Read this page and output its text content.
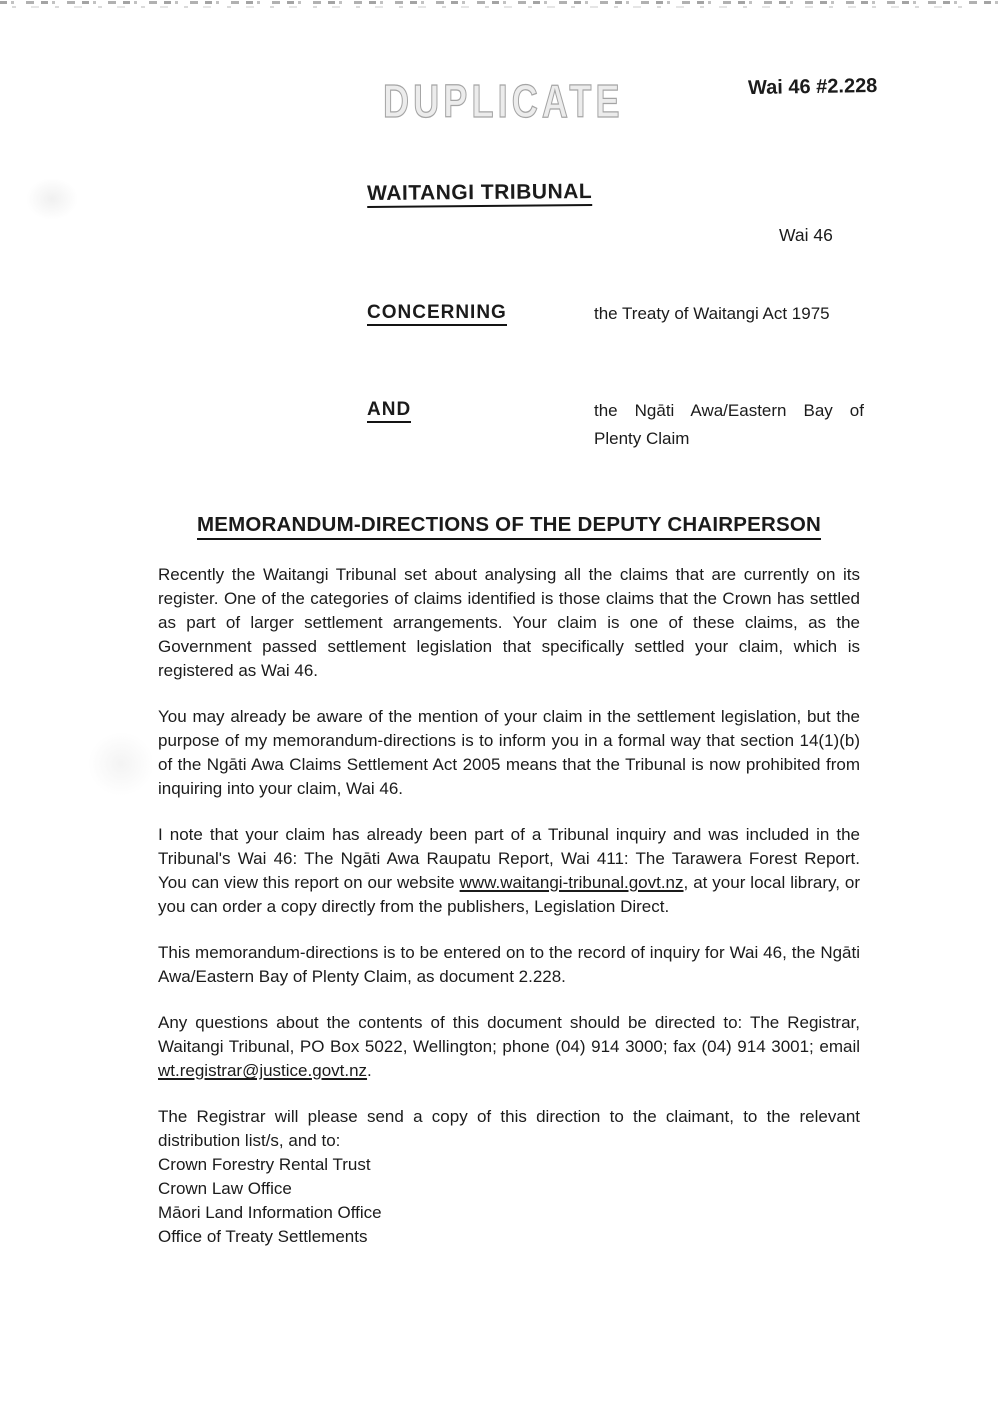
DUPLICATE	Wai 46 #2.228
WAITANGI TRIBUNAL
Wai 46
CONCERNING	the Treaty of Waitangi Act 1975
AND	the Ngāti Awa/Eastern Bay of Plenty Claim
MEMORANDUM-DIRECTIONS OF THE DEPUTY CHAIRPERSON

Recently the Waitangi Tribunal set about analysing all the claims that are currently on its register. One of the categories of claims identified is those claims that the Crown has settled as part of larger settlement arrangements. Your claim is one of these claims, as the Government passed settlement legislation that specifically settled your claim, which is registered as Wai 46.

You may already be aware of the mention of your claim in the settlement legislation, but the purpose of my memorandum-directions is to inform you in a formal way that section 14(1)(b) of the Ngāti Awa Claims Settlement Act 2005 means that the Tribunal is now prohibited from inquiring into your claim, Wai 46.

I note that your claim has already been part of a Tribunal inquiry and was included in the Tribunal's Wai 46: The Ngāti Awa Raupatu Report, Wai 411: The Tarawera Forest Report. You can view this report on our website www.waitangi-tribunal.govt.nz, at your local library, or you can order a copy directly from the publishers, Legislation Direct.

This memorandum-directions is to be entered on to the record of inquiry for Wai 46, the Ngāti Awa/Eastern Bay of Plenty Claim, as document 2.228.

Any questions about the contents of this document should be directed to: The Registrar, Waitangi Tribunal, PO Box 5022, Wellington; phone (04) 914 3000; fax (04) 914 3001; email wt.registrar@justice.govt.nz.

The Registrar will please send a copy of this direction to the claimant, to the relevant distribution list/s, and to:

Crown Forestry Rental Trust
Crown Law Office
Māori Land Information Office
Office of Treaty Settlements
